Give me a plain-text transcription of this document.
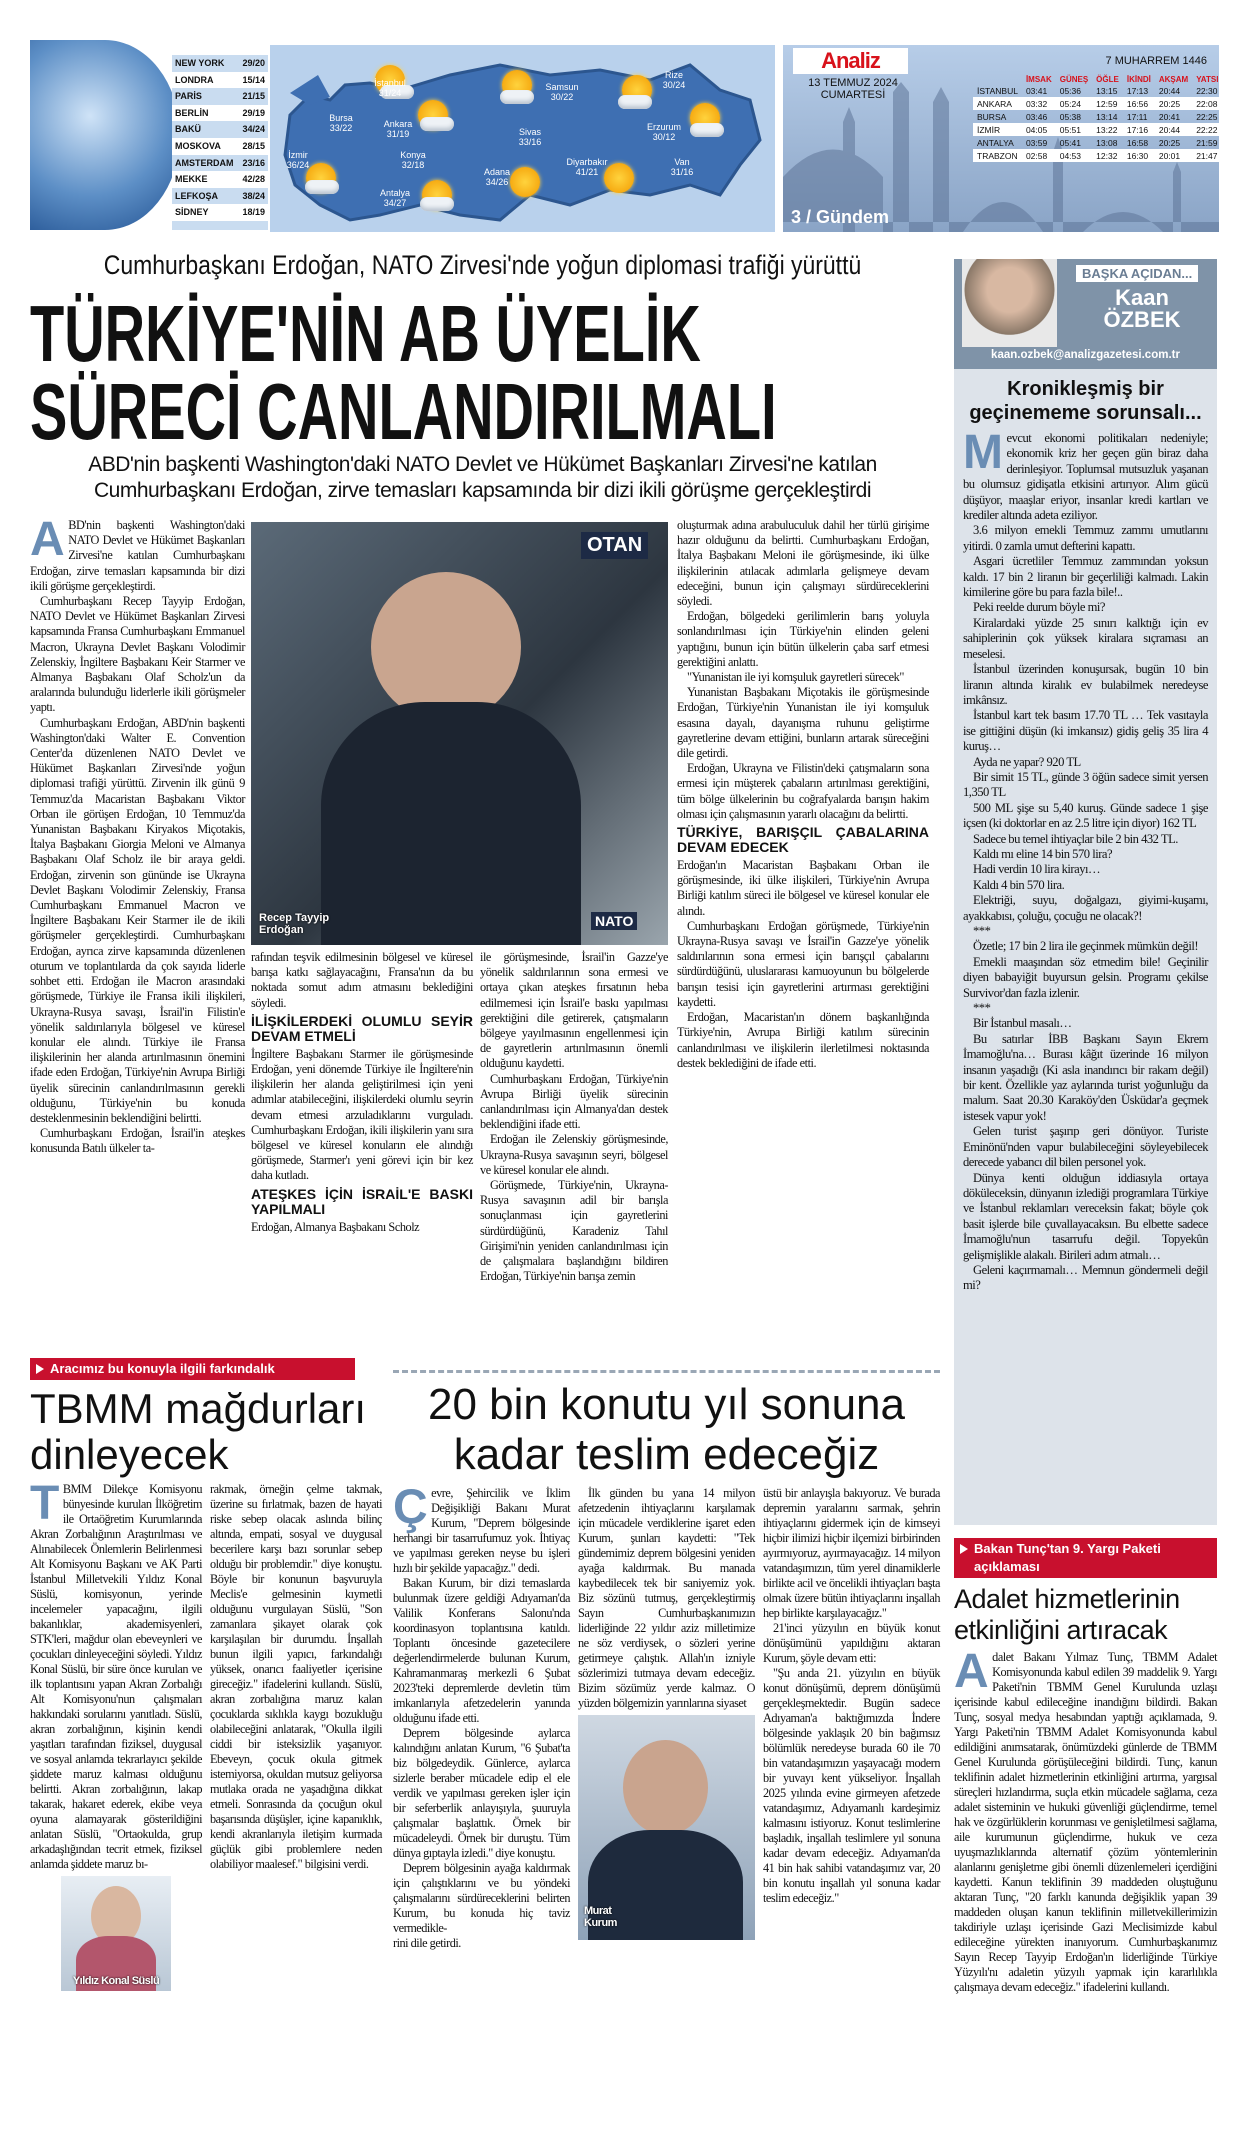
NEW YORK 29/20
LONDRA	15/14
PARİS	21/15
BERLİN	29/19
BAKÜ	34/24
MOSKOVA 28/15
AMSTERDAM 23/16
MEKKE	42/28
LEFKOŞA	38/24
SİDNEY	18/19
İstanbul
31/24
Bursa
33/22	Ankara
31/19
Samsun
30/22
Rize
30/24
Erzurum
30/12
Sivas
33/16
Konya
32/18
İzmir
36/24
Adana
34/26
Diyarbakır
41/21
Van
31/16
Antalya
34/27
Analiz
13 TEMMUZ 2024
CUMARTESİ
7 MUHARREM 1446
	İMSAK	GÜNEŞ	ÖĞLE	İKİNDİ	AKŞAM	YATSI
İSTANBUL	03:41	05:36	13:15	17:13	20:44	22:30
ANKARA	03:32	05:24	12:59	16:56	20:25	22:08
BURSA	03:46	05:38	13:14	17:11	20:41	22:25
İZMİR	04:05	05:51	13:22	17:16	20:44	22:22
ANTALYA	03:59	05:41	13:08	16:58	20:25	21:59
TRABZON	02:58	04:53	12:32	16:30	20:01	21:47
3 / Gündem
Cumhurbaşkanı Erdoğan, NATO Zirvesi'nde yoğun diplomasi trafiği yürüttü
TÜRKİYE'NİN AB ÜYELİK
SÜRECİ CANLANDIRILMALI
ABD'nin başkenti Washington'daki NATO Devlet ve Hükümet Başkanları Zirvesi'ne katılan Cumhurbaşkanı Erdoğan, zirve temasları kapsamında bir dizi ikili görüşme gerçekleştirdi
A BD'nin başkenti Washington'daki NATO Devlet ve Hükümet Başkanları Zirvesi'ne katılan Cumhurbaşkanı Erdoğan, zirve temasları kapsamında bir dizi ikili görüşme gerçekleştirdi.

Cumhurbaşkanı Recep Tayyip Erdoğan, NATO Devlet ve Hükümet Başkanları Zirvesi kapsamında Fransa Cumhurbaşkanı Emmanuel Macron, Ukrayna Devlet Başkanı Volodimir Zelenskiy, İngiltere Başbakanı Keir Starmer ve Almanya Başbakanı Olaf Scholz'un da aralarında bulunduğu liderlerle ikili görüşmeler yaptı.

Cumhurbaşkanı Erdoğan, ABD'nin başkenti Washington'daki Walter E. Convention Center'da düzenlenen NATO Devlet ve Hükümet Başkanları Zirvesi'nde yoğun diplomasi trafiği yürüttü. Zirvenin ilk günü 9 Temmuz'da Macaristan Başbakanı Viktor Orban ile görüşen Erdoğan, 10 Temmuz'da Yunanistan Başbakanı Kiryakos Miçotakis, İtalya Başbakanı Giorgia Meloni ve Almanya Başbakanı Olaf Scholz ile bir araya geldi. Erdoğan, zirvenin son gününde ise Ukrayna Devlet Başkanı Volodimir Zelenskiy, Fransa Cumhurbaşkanı Emmanuel Macron ve İngiltere Başbakanı Keir Starmer ile de ikili görüşmeler gerçekleştirdi. Cumhurbaşkanı Erdoğan, ayrıca zirve kapsamında düzenlenen oturum ve toplantılarda da çok sayıda liderle sohbet etti. Erdoğan ile Macron arasındaki görüşmede, Türkiye ile Fransa ikili ilişkileri, Ukrayna-Rusya savaşı, İsrail'in Filistin'e yönelik saldırılarıyla bölgesel ve küresel konular ele alındı. Türkiye ile Fransa ilişkilerinin her alanda artırılmasının önemini ifade eden Erdoğan, Türkiye'nin Avrupa Birliği üyelik sürecinin canlandırılmasının gerekli olduğunu, Türkiye'nin bu konuda desteklenmesinin beklendiğini belirtti.

Cumhurbaşkanı Erdoğan, İsrail'in ateşkes konusunda Batılı ülkeler ta-

OTAN
NATO
Recep Tayyip Erdoğan

rafından teşvik edilmesinin bölgesel ve küresel barışa katkı sağlayacağını, Fransa'nın da bu noktada somut adım atmasını beklediğini söyledi.

İLİŞKİLERDEKİ OLUMLU SEYİR DEVAM ETMELİ

İngiltere Başbakanı Starmer ile görüşmesinde Erdoğan, yeni dönemde Türkiye ile İngiltere'nin ilişkilerin her alanda geliştirilmesi için yeni adımlar atabileceğini, ilişkilerdeki olumlu seyrin devam etmesi arzuladıklarını vurguladı. Cumhurbaşkanı Erdoğan, ikili ilişkilerin yanı sıra bölgesel ve küresel konuların ele alındığı görüşmede, Starmer'ı yeni görevi için bir kez daha kutladı.

ATEŞKES İÇİN İSRAİL'E BASKI YAPILMALI

Erdoğan, Almanya Başbakanı Scholz

ile görüşmesinde, İsrail'in Gazze'ye yönelik saldırılarının sona ermesi ve ortaya çıkan ateşkes fırsatının heba edilmemesi için İsrail'e baskı yapılması gerektiğini dile getirerek, çatışmaların bölgeye yayılmasının engellenmesi için de gayretlerin artırılmasının önemli olduğunu kaydetti.

Cumhurbaşkanı Erdoğan, Türkiye'nin Avrupa Birliği üyelik sürecinin canlandırılması için Almanya'dan destek beklendiğini ifade etti.

Erdoğan ile Zelenskiy görüşmesinde, Ukrayna-Rusya savaşının seyri, bölgesel ve küresel konular ele alındı.

Görüşmede, Türkiye'nin, Ukrayna-Rusya savaşının adil bir barışla sonuçlanması için gayretlerini sürdürdüğünü, Karadeniz Tahıl Girişimi'nin yeniden canlandırılması için de çalışmalara başlandığını bildiren Erdoğan, Türkiye'nin barışa zemin

oluşturmak adına arabuluculuk dahil her türlü girişime hazır olduğunu da belirtti. Cumhurbaşkanı Erdoğan, İtalya Başbakanı Meloni ile görüşmesinde, iki ülke ilişkilerinin atılacak adımlarla gelişmeye devam edeceğini, bunun için çalışmayı sürdüreceklerini söyledi.

Erdoğan, bölgedeki gerilimlerin barış yoluyla sonlandırılması için Türkiye'nin elinden geleni yaptığını, bunun için bütün ülkelerin çaba sarf etmesi gerektiğini anlattı.

"Yunanistan ile iyi komşuluk gayretleri sürecek"

Yunanistan Başbakanı Miçotakis ile görüşmesinde Erdoğan, Türkiye'nin Yunanistan ile iyi komşuluk esasına dayalı, dayanışma ruhunu geliştirme gayretlerine devam ettiğini, bunların artarak süreceğini dile getirdi.

Erdoğan, Ukrayna ve Filistin'deki çatışmaların sona ermesi için müşterek çabaların artırılması gerektiğini, tüm bölge ülkelerinin bu coğrafyalarda barışın hakim olması için çalışmasının yararlı olacağını da belirtti.

TÜRKİYE, BARIŞÇIL ÇABALARINA DEVAM EDECEK

Erdoğan'ın Macaristan Başbakanı Orban ile görüşmesinde, iki ülke ilişkileri, Türkiye'nin Avrupa Birliği katılım süreci ile bölgesel ve küresel konular ele alındı.

Cumhurbaşkanı Erdoğan görüşmede, Türkiye'nin Ukrayna-Rusya savaşı ve İsrail'in Gazze'ye yönelik saldırılarının sona ermesi için barışçıl çabalarını sürdürdüğünü, uluslararası kamuoyunun bu bölgelerde barışın tesisi için gayretlerini artırması gerektiğini kaydetti.

Erdoğan, Macaristan'ın dönem başkanlığında Türkiye'nin, Avrupa Birliği katılım sürecinin canlandırılması ve ilişkilerin ilerletilmesi noktasında destek beklediğini de ifade etti.

BAŞKA AÇIDAN...
Kaan
ÖZBEK
kaan.ozbek@analizgazetesi.com.tr
Kronikleşmiş bir geçinememe sorunsalı...
M evcut ekonomi politikaları nedeniyle; ekonomik kriz her geçen gün biraz daha derinleşiyor. Toplumsal mutsuzluk yaşanan bu olumsuz gidişatla etkisini artırıyor. Alım gücü düşüyor, maaşlar eriyor, insanlar kredi kartları ve krediler altında adeta eziliyor.

3.6 milyon emekli Temmuz zammı umutlarını yitirdi. 0 zamla umut defterini kapattı.

Asgari ücretliler Temmuz zammından yoksun kaldı. 17 bin 2 liranın bir geçerliliği kalmadı. Lakin kimilerine göre bu para fazla bile!..

Peki reelde durum böyle mi?

Kiralardaki yüzde 25 sınırı kalktığı için ev sahiplerinin çok yüksek kiralara sıçraması an meselesi.

İstanbul üzerinden konuşursak, bugün 10 bin liranın altında kiralık ev bulabilmek neredeyse imkânsız.

İstanbul kart tek basım 17.70 TL … Tek vasıtayla ise gittiğini düşün (ki imkansız) gidiş geliş 35 lira 4 kuruş…

Ayda ne yapar? 920 TL

Bir simit 15 TL, günde 3 öğün sadece simit yersen 1,350 TL

500 ML şişe su 5,40 kuruş. Günde sadece 1 şişe içsen (ki doktorlar en az 2.5 litre için diyor) 162 TL

Sadece bu temel ihtiyaçlar bile 2 bin 432 TL.

Kaldı mı eline 14 bin 570 lira?

Hadi verdin 10 lira kirayı…

Kaldı 4 bin 570 lira.

Elektriği, suyu, doğalgazı, giyimi-kuşamı, ayakkabısı, çoluğu, çocuğu ne olacak?!

***

Özetle; 17 bin 2 lira ile geçinmek mümkün değil!

Emekli maaşından söz etmedim bile! Geçinilir diyen babayiğit buyursun gelsin. Programı çekilse Survivor'dan fazla izlenir.

***

Bir İstanbul masalı…

Bu satırlar İBB Başkanı Sayın Ekrem İmamoğlu'na… Burası kâğıt üzerinde 16 milyon insanın yaşadığı (Ki asla inandırıcı bir rakam değil) bir kent. Özellikle yaz aylarında turist yoğunluğu da malum. Saat 20.30 Karaköy'den Üsküdar'a geçmek istesek vapur yok!

Gelen turist şaşırıp geri dönüyor. Turiste Eminönü'nden vapur bulabileceğini söyleyebilecek derecede yabancı dil bilen personel yok.

Dünya kenti olduğun iddiasıyla ortaya döküleceksin, dünyanın izlediği programlara Türkiye ve İstanbul reklamları vereceksin fakat; böyle çok basit işlerde bile çuvallayacaksın. Bu elbette sadece İmamoğlu'nun tasarrufu değil. Topyekûn gelişmişlikle alakalı. Birileri adım atmalı…

Geleni kaçırmamalı… Memnun göndermeli değil mi?

Aracımız bu konuyla ilgili farkındalık
TBMM mağdurları dinleyecek
T BMM Dilekçe Komisyonu bünyesinde kurulan İlköğretim ile Ortaöğretim Kurumlarında Akran Zorbalığının Araştırılması ve Alınabilecek Önlemlerin Belirlenmesi Alt Komisyonu Başkanı ve AK Parti İstanbul Milletvekili Yıldız Konal Süslü, komisyonun, yerinde incelemeler yapacağını, ilgili bakanlıklar, akademisyenleri, STK'leri, mağdur olan ebeveynleri ve çocukları dinleyeceğini söyledi. Yıldız Konal Süslü, bir süre önce kurulan ve ilk toplantısını yapan Akran Zorbalığı Alt Komisyonu'nun çalışmaları hakkındaki sorularını yanıtladı. Süslü, akran zorbalığının, kişinin kendi yaşıtları tarafından fiziksel, duygusal ve sosyal anlamda tekrarlayıcı şekilde şiddete maruz kalması olduğunu belirtti. Akran zorbalığının, lakap takarak, hakaret ederek, ekibe veya oyuna alamayarak gösterildiğini anlatan Süslü, "Ortaokulda, grup arkadaşlığından tecrit etmek, fiziksel anlamda şiddete maruz bı-

Yıldız Konal Süslü

rakmak, örneğin çelme takmak, üzerine su fırlatmak, bazen de hayati riske sebep olacak aslında bilinç altında, empati, sosyal ve duygusal becerilere karşı bazı sorunlar sebep olduğu bir problemdir." diye konuştu. Böyle bir konunun başvuruyla Meclis'e gelmesinin kıymetli olduğunu vurgulayan Süslü, "Son zamanlara şikayet olarak çok karşılaşılan bir durumdu. İnşallah bunun ilgili yapıcı, farkındalığı yüksek, onarıcı faaliyetler içerisine gireceğiz." ifadelerini kullandı. Süslü, akran zorbalığına maruz kalan çocuklarda sıklıkla kaygı bozukluğu olabileceğini anlatarak, "Okulla ilgili ciddi bir isteksizlik yaşanıyor. Ebeveyn, çocuk okula gitmek istemiyorsa, okuldan mutsuz geliyorsa mutlaka orada ne yaşadığına dikkat etmeli. Sonrasında da çocuğun okul başarısında düşüşler, içine kapanıklık, kendi akranlarıyla iletişim kurmada güçlük gibi problemlere neden olabiliyor maalesef." bilgisini verdi.

20 bin konutu yıl sonuna kadar teslim edeceğiz
Ç evre, Şehircilik ve İklim Değişikliği Bakanı Murat Kurum, "Deprem bölgesinde herhangi bir tasarrufumuz yok. İhtiyaç ve yapılması gereken neyse bu işleri hızlı bir şekilde yapacağız." dedi.

Bakan Kurum, bir dizi temaslarda bulunmak üzere geldiği Adıyaman'da Valilik Konferans Salonu'nda koordinasyon toplantısına katıldı. Toplantı öncesinde gazetecilere değerlendirmelerde bulunan Kurum, Kahramanmaraş merkezli 6 Şubat 2023'teki depremlerde devletin tüm imkanlarıyla afetzedelerin yanında olduğunu ifade etti.

Deprem bölgesinde aylarca kalındığını anlatan Kurum, "6 Şubat'ta biz bölgedeydik. Günlerce, aylarca sizlerle beraber mücadele edip el ele verdik ve yapılması gereken işler için bir seferberlik anlayışıyla, şuuruyla çalışmalar başlattık. Örnek bir mücadeleydi. Örnek bir duruştu. Tüm dünya gıptayla izledi." diye konuştu.

Deprem bölgesinin ayağa kaldırmak için çalıştıklarını ve bu yöndeki çalışmalarını sürdüreceklerini belirten Kurum, bu konuda hiç taviz vermedikle-

rini dile getirdi.

İlk günden bu yana 14 milyon afetzedenin ihtiyaçlarını karşılamak için mücadele verdiklerine işaret eden Kurum, şunları kaydetti: "Tek gündemimiz deprem bölgesini yeniden ayağa kaldırmak. Bu manada kaybedilecek tek bir saniyemiz yok. Biz sözünü tutmuş, gerçekleştirmiş Sayın Cumhurbaşkanımızın liderliğinde 22 yıldır aziz milletimize ne söz verdiysek, o sözleri yerine getirmeye çalıştık. Allah'ın izniyle sözlerimizi tutmaya devam edeceğiz. Bizim sözümüz yerde kalmaz. O yüzden bölgemizin yarınlarına siyaset

Murat Kurum

üstü bir anlayışla bakıyoruz. Ve burada depremin yaralarını sarmak, şehrin ihtiyaçlarını gidermek için de kimseyi hiçbir ilimizi hiçbir ilçemizi birbirinden ayırmıyoruz, ayırmayacağız. 14 milyon vatandaşımızın, tüm yerel dinamiklerle birlikte acil ve öncelikli ihtiyaçları başta olmak üzere bütün ihtiyaçlarını inşallah hep birlikte karşılayacağız."

21'inci yüzyılın en büyük konut dönüşümünü yapıldığını aktaran Kurum, şöyle devam etti:

"Şu anda 21. yüzyılın en büyük konut dönüşümü, deprem dönüşümü gerçekleşmektedir. Bugün sadece Adıyaman'a baktığımızda İndere bölgesinde yaklaşık 20 bin bağımsız bölümlük neredeyse burada 60 ile 70 bin vatandaşımızın yaşayacağı modern bir yuvayı kent yükseliyor. İnşallah 2025 yılında evine girmeyen afetzede vatandaşımız, Adıyamanlı kardeşimiz kalmasını istiyoruz. Konut teslimlerine başladık, inşallah teslimlere yıl sonuna kadar devam edeceğiz. Adıyaman'da 41 bin hak sahibi vatandaşımız var, 20 bin konutu inşallah yıl sonuna kadar teslim edeceğiz."

Bakan Tunç'tan 9. Yargı Paketi açıklaması
Adalet hizmetlerinin etkinliğini artıracak
A dalet Bakanı Yılmaz Tunç, TBMM Adalet Komisyonunda kabul edilen 39 maddelik 9. Yargı Paketi'nin TBMM Genel Kurulunda uzlaşı içerisinde kabul edileceğine inandığını bildirdi. Bakan Tunç, sosyal medya hesabından yaptığı açıklamada, 9. Yargı Paketi'nin TBMM Adalet Komisyonunda kabul edildiğini anımsatarak, önümüzdeki günlerde de TBMM Genel Kurulunda görüşüleceğini bildirdi. Tunç, kanun teklifinin adalet hizmetlerinin etkinliğini artırma, yargısal süreçleri hızlandırma, suçla etkin mücadele sağlama, ceza adalet sisteminin ve hukuki güvenliği güçlendirme, temel hak ve özgürlüklerin korunması ve genişletilmesi sağlama, aile kurumunun güçlendirme, hukuk ve ceza uyuşmazlıklarında alternatif çözüm yöntemlerinin alanlarını genişletme gibi önemli düzenlemeleri içerdiğini kaydetti. Kanun teklifinin 39 maddeden oluştuğunu aktaran Tunç, "20 farklı kanunda değişiklik yapan 39 maddeden oluşan kanun teklifinin milletvekillerimizin takdiriyle uzlaşı içerisinde Gazi Meclisimizde kabul edileceğine yürekten inanıyorum. Cumhurbaşkanımız Sayın Recep Tayyip Erdoğan'ın liderliğinde Türkiye Yüzyılı'nı adaletin yüzyılı yapmak için kararlılıkla çalışmaya devam edeceğiz." ifadelerini kullandı.
